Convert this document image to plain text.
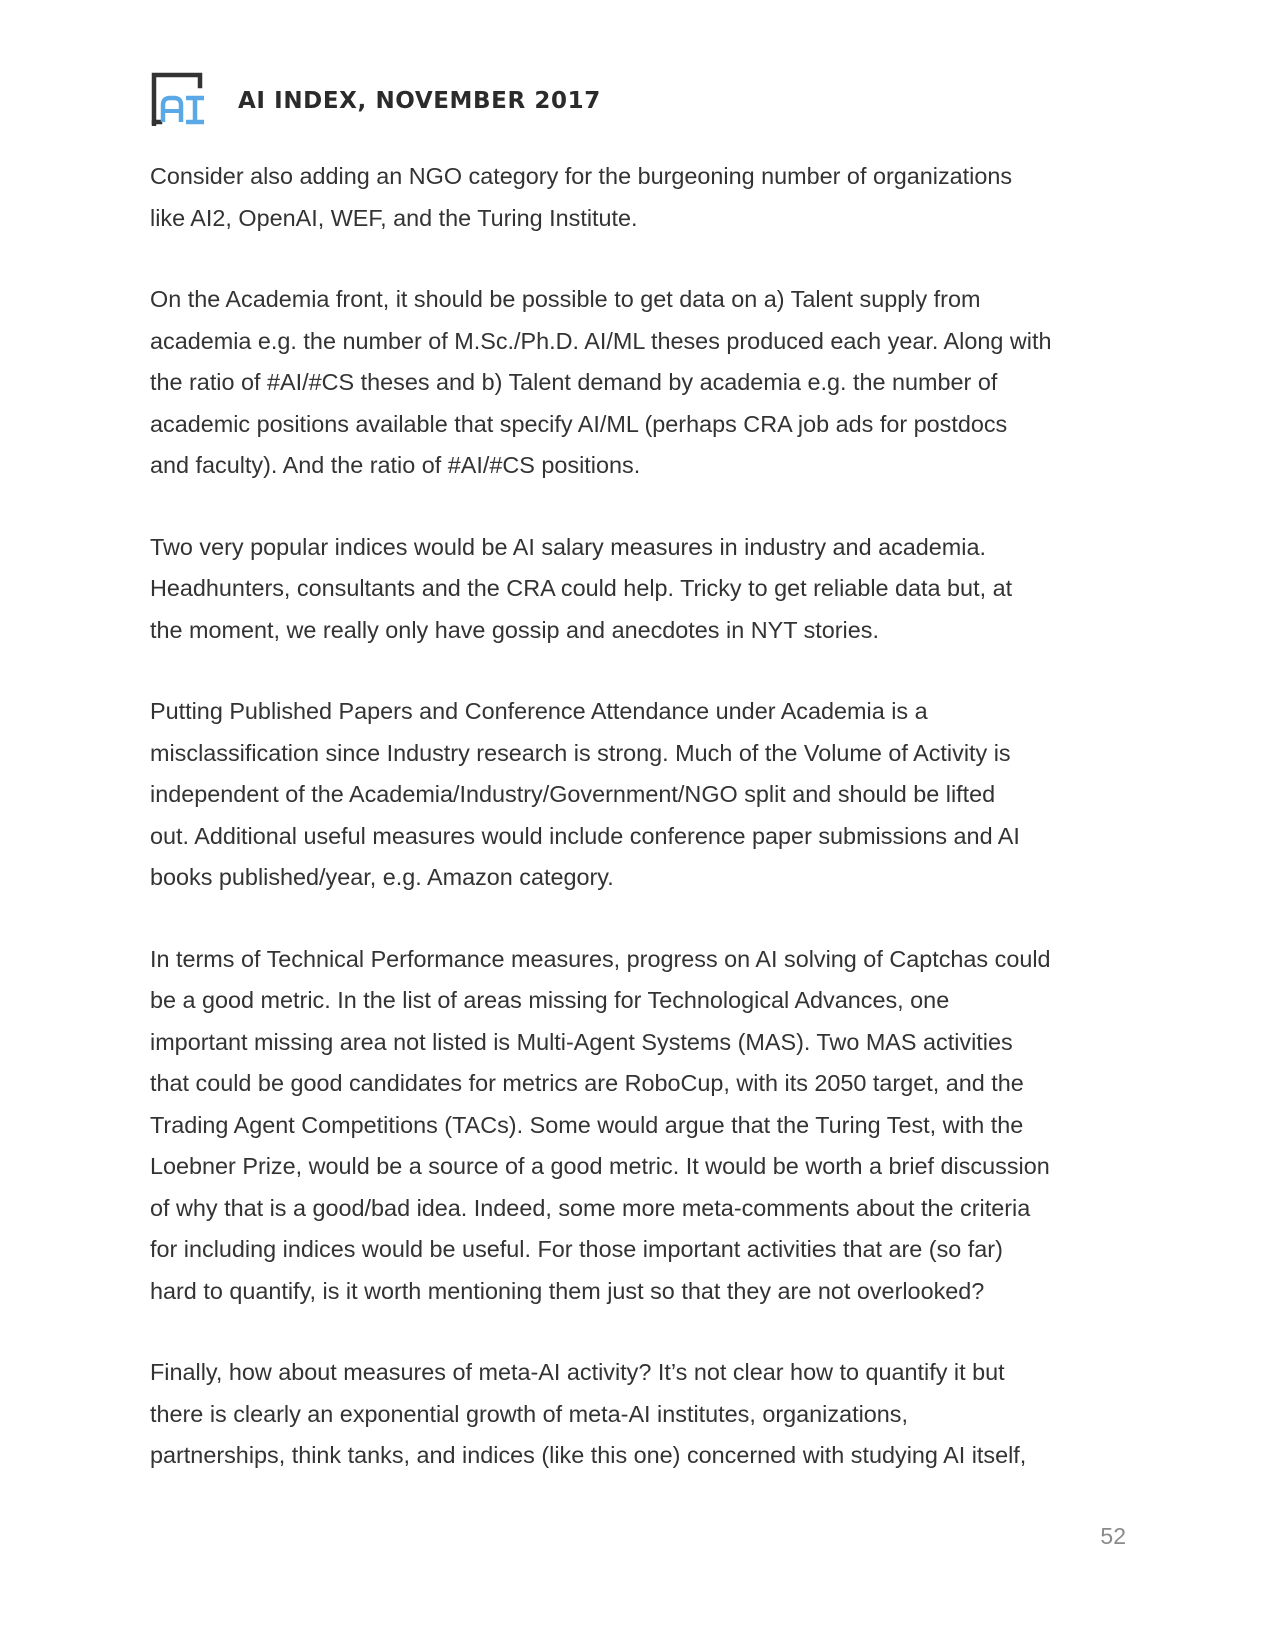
AI INDEX, NOVEMBER 2017

Consider also adding an NGO category for the burgeoning number of organizations
like AI2, OpenAI, WEF, and the Turing Institute.

On the Academia front, it should be possible to get data on a) Talent supply from
academia e.g. the number of M.Sc./Ph.D. AI/ML theses produced each year. Along with
the ratio of #AI/#CS theses and b) Talent demand by academia e.g. the number of
academic positions available that specify AI/ML (perhaps CRA job ads for postdocs
and faculty). And the ratio of #AI/#CS positions.

Two very popular indices would be AI salary measures in industry and academia.
Headhunters, consultants and the CRA could help. Tricky to get reliable data but, at
the moment, we really only have gossip and anecdotes in NYT stories.

Putting Published Papers and Conference Attendance under Academia is a
misclassification since Industry research is strong. Much of the Volume of Activity is
independent of the Academia/Industry/Government/NGO split and should be lifted
out. Additional useful measures would include conference paper submissions and AI
books published/year, e.g. Amazon category.

In terms of Technical Performance measures, progress on AI solving of Captchas could
be a good metric. In the list of areas missing for Technological Advances, one
important missing area not listed is Multi-Agent Systems (MAS). Two MAS activities
that could be good candidates for metrics are RoboCup, with its 2050 target, and the
Trading Agent Competitions (TACs). Some would argue that the Turing Test, with the
Loebner Prize, would be a source of a good metric. It would be worth a brief discussion
of why that is a good/bad idea. Indeed, some more meta-comments about the criteria
for including indices would be useful. For those important activities that are (so far)
hard to quantify, is it worth mentioning them just so that they are not overlooked?

Finally, how about measures of meta-AI activity? It’s not clear how to quantify it but
there is clearly an exponential growth of meta-AI institutes, organizations,
partnerships, think tanks, and indices (like this one) concerned with studying AI itself,

52
